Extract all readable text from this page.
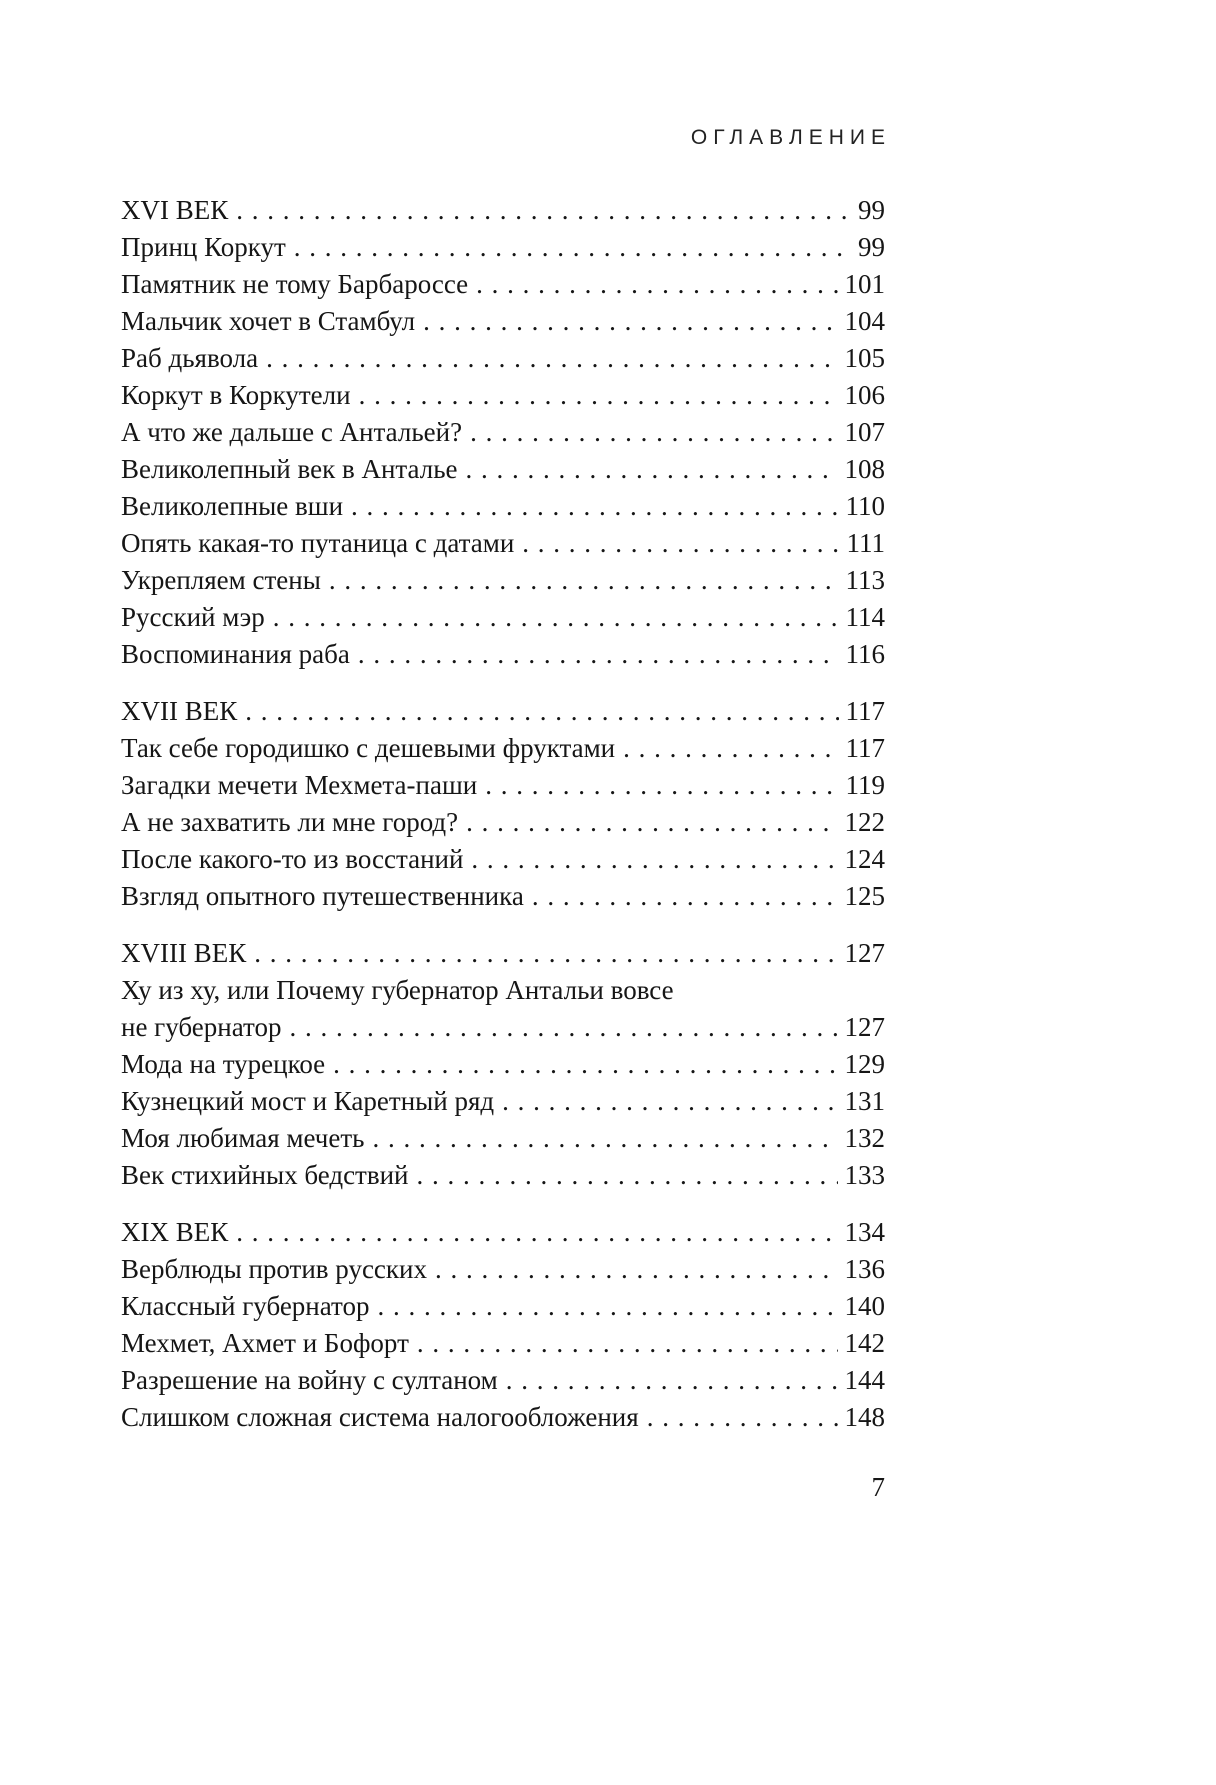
ОГЛАВЛЕНИЕ
XVI ВЕК . . .	99
Принц Коркут . . .	99
Памятник не тому Барбароссе . . .	101
Мальчик хочет в Стамбул . . .	104
Раб дьявола . . .	105
Коркут в Коркутели . . .	106
А что же дальше с Антальей? . . .	107
Великолепный век в Анталье . . .	108
Великолепные вши . . .	110
Опять какая-то путаница с датами . . .	111
Укрепляем стены . . .	113
Русский мэр . . .	114
Воспоминания раба . . .	116
XVII ВЕК . . .	117
Так себе городишко с дешевыми фруктами . . .	117
Загадки мечети Мехмета-паши . . .	119
А не захватить ли мне город? . . .	122
После какого-то из восстаний . . .	124
Взгляд опытного путешественника . . .	125
XVIII ВЕК . . .	127
Ху из ху, или Почему губернатор Антальи вовсе
не губернатор . . .	127
Мода на турецкое . . .	129
Кузнецкий мост и Каретный ряд . . .	131
Моя любимая мечеть . . .	132
Век стихийных бедствий . . .	133
XIX ВЕК . . .	134
Верблюды против русских . . .	136
Классный губернатор . . .	140
Мехмет, Ахмет и Бофорт . . .	142
Разрешение на войну с султаном . . .	144
Слишком сложная система налогообложения . . .	148
7
